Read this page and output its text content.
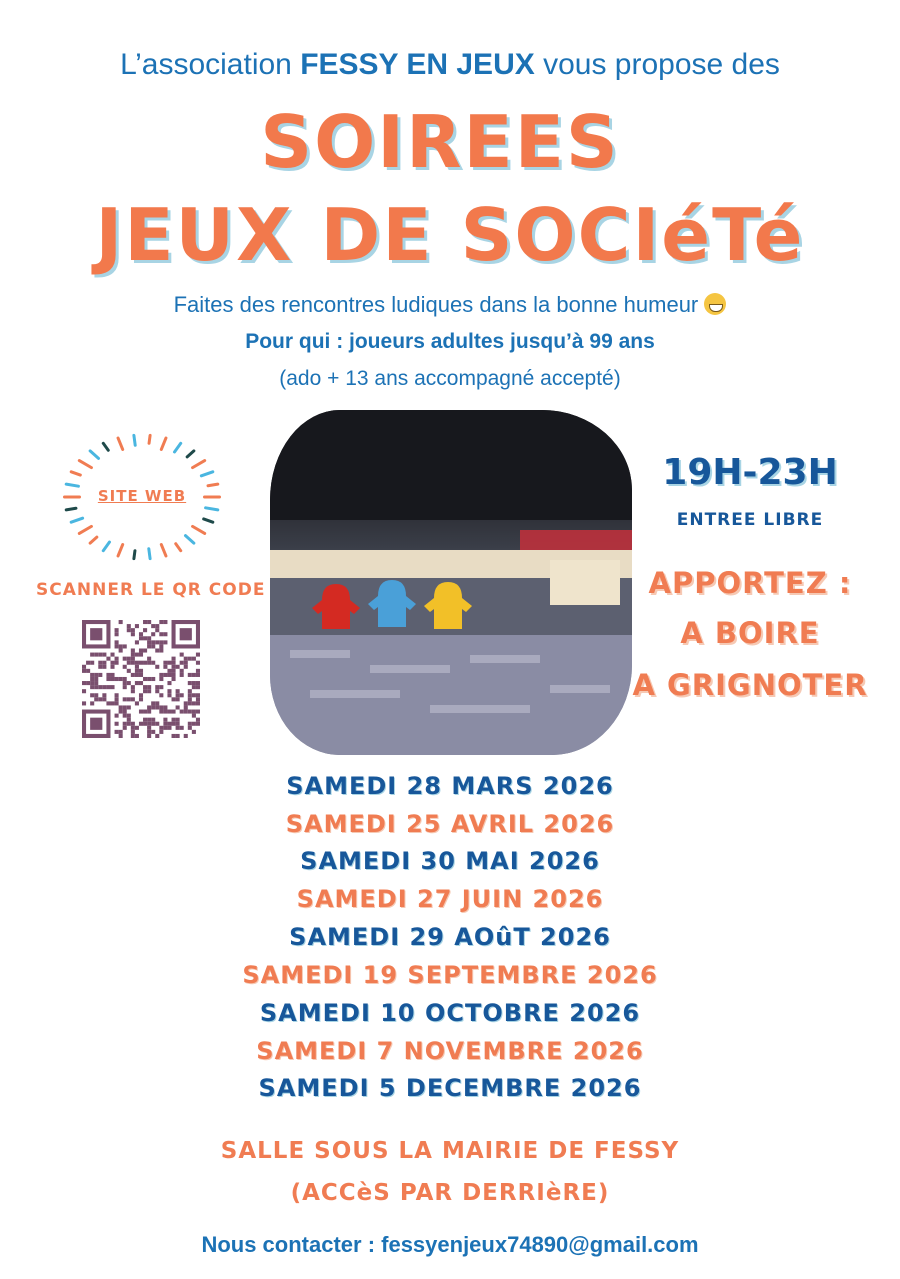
L’association FESSY EN JEUX vous propose des
SOIREES
JEUX DE SOCIéTé
Faites des rencontres ludiques dans la bonne humeur
Pour qui : joueurs adultes jusqu’à 99 ans
(ado + 13 ans accompagné accepté)
SITE WEB
SCANNER LE QR CODE
19H-23H
ENTREE LIBRE
APPORTEZ :
A BOIRE
A GRIGNOTER
SAMEDI 28 MARS 2026
SAMEDI 25 AVRIL 2026
SAMEDI 30 MAI 2026
SAMEDI 27 JUIN 2026
SAMEDI 29 AOûT 2026
SAMEDI 19 SEPTEMBRE 2026
SAMEDI 10 OCTOBRE 2026
SAMEDI 7 NOVEMBRE 2026
SAMEDI 5 DECEMBRE 2026
SALLE SOUS LA MAIRIE DE FESSY
(ACCèS PAR DERRIèRE)
Nous contacter : fessyenjeux74890@gmail.com
